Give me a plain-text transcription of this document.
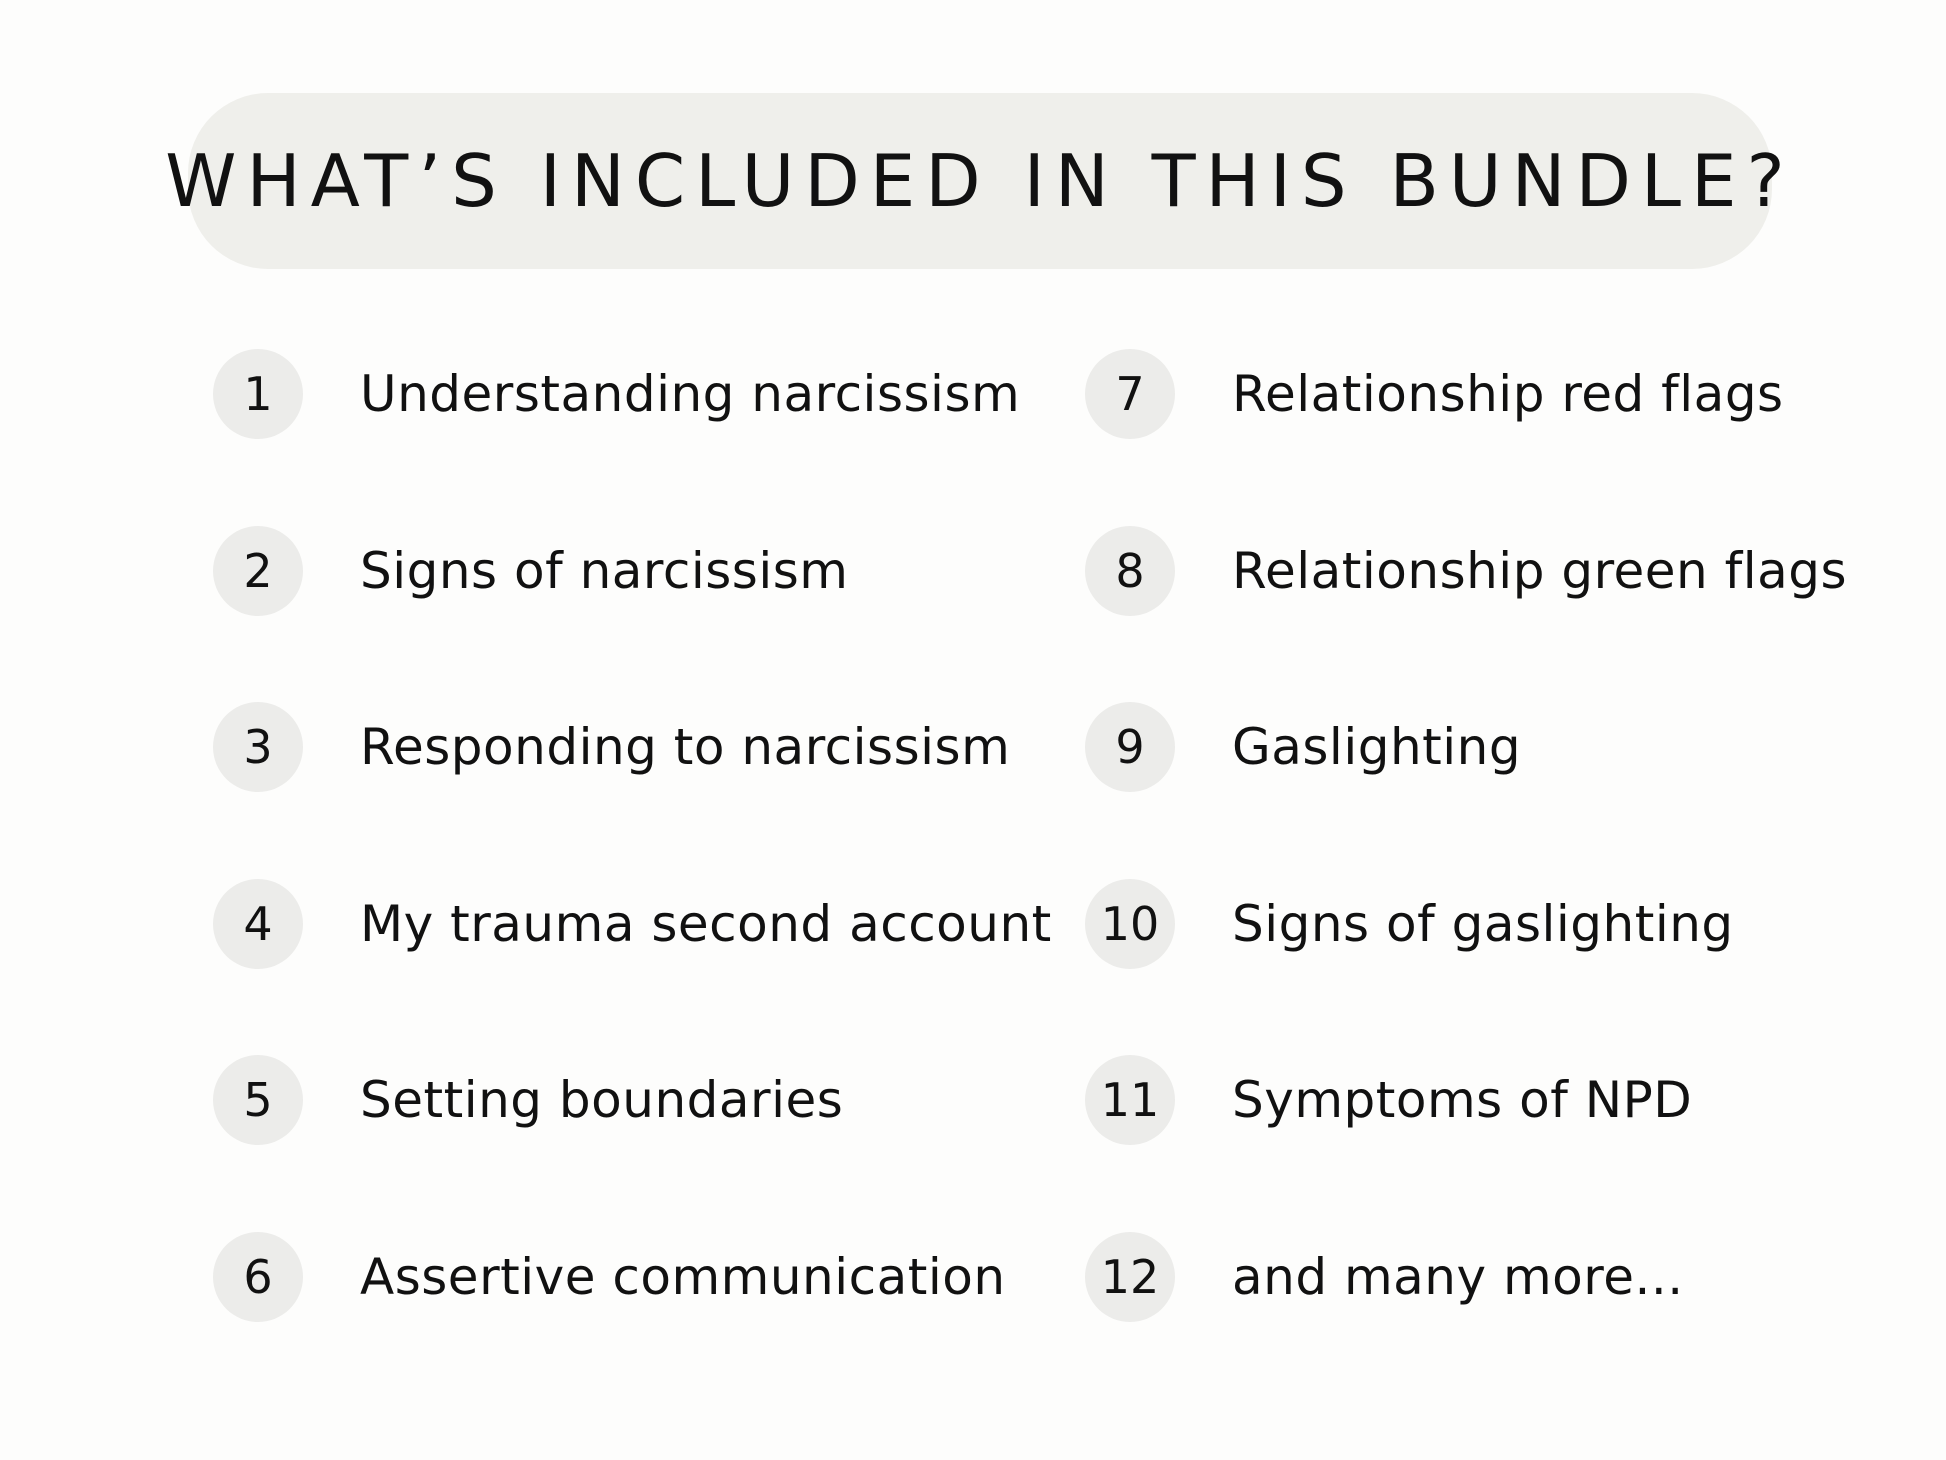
WHAT’S INCLUDED IN THIS BUNDLE?
1	Understanding narcissism
2	Signs of narcissism
3	Responding to narcissism
4	My trauma second account
5	Setting boundaries
6	Assertive communication
7	Relationship red flags
8	Relationship green flags
9	Gaslighting
10	Signs of gaslighting
11	Symptoms of NPD
12	and many more...
